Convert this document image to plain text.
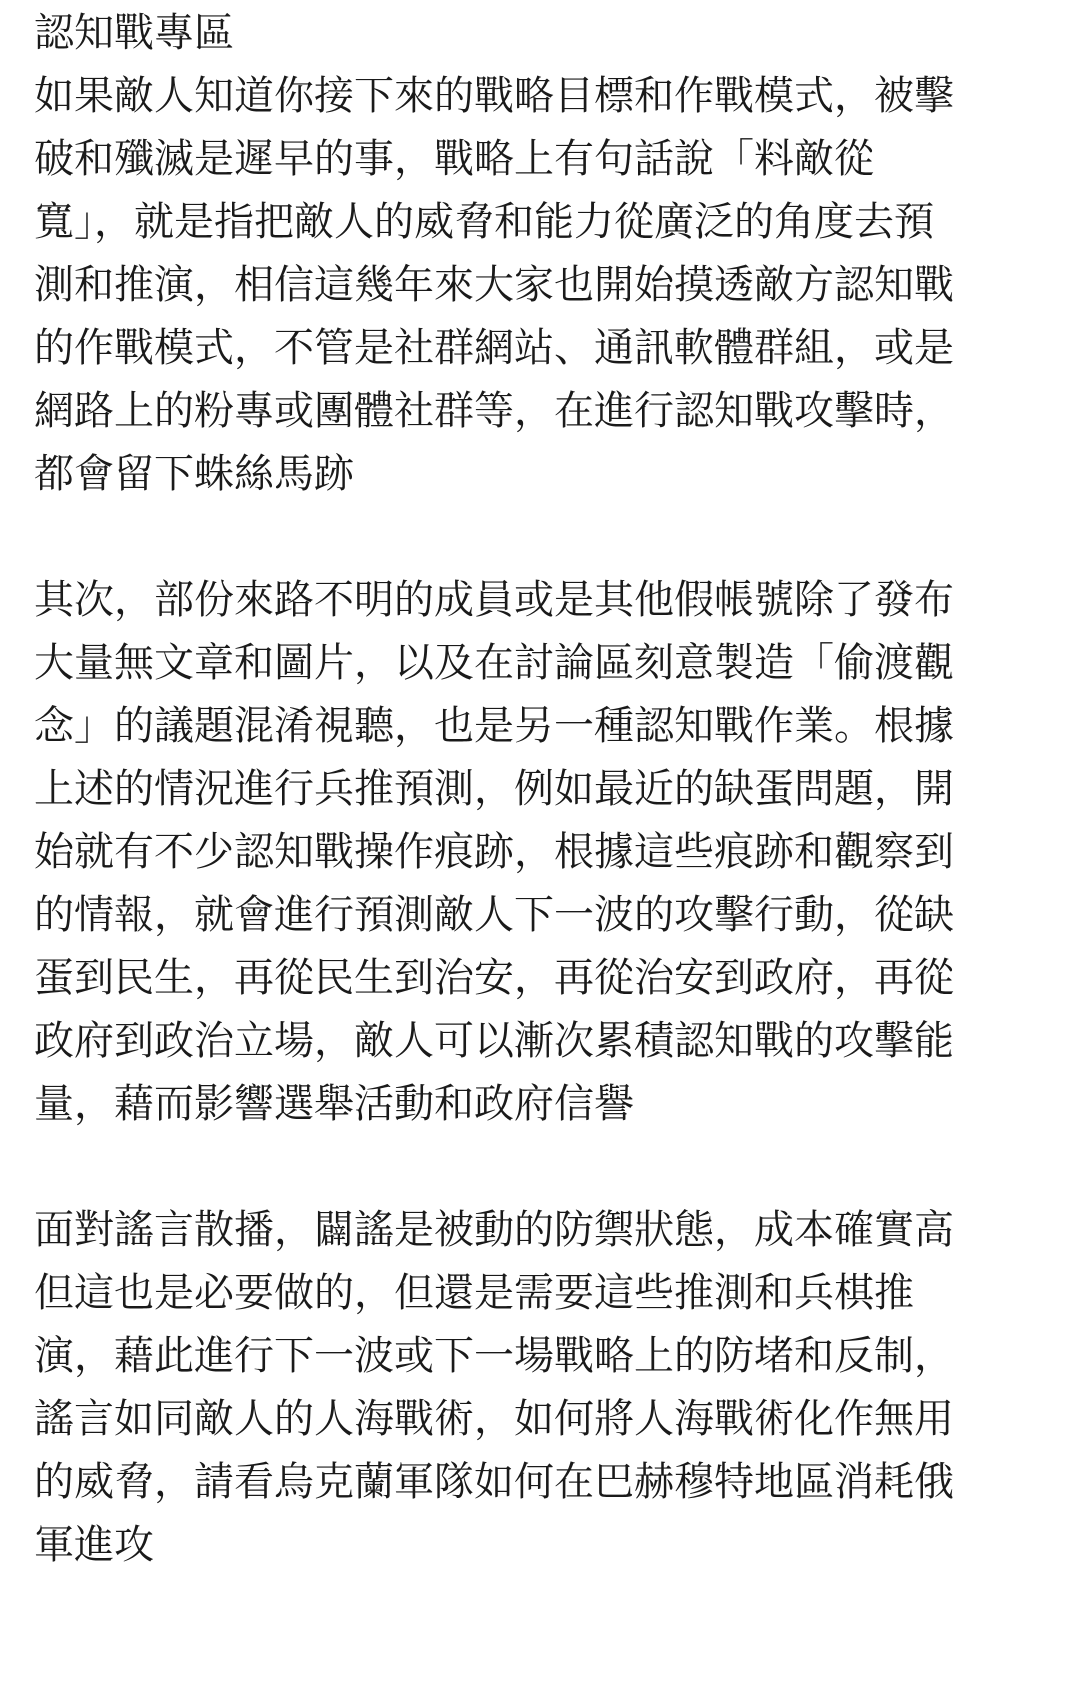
認知戰專區
如果敵人知道你接下來的戰略目標和作戰模式，被擊
破和殲滅是遲早的事，戰略上有句話說「料敵從
寬」，就是指把敵人的威脅和能力從廣泛的角度去預
測和推演，相信這幾年來大家也開始摸透敵方認知戰
的作戰模式，不管是社群網站、通訊軟體群組，或是
網路上的粉專或團體社群等，在進行認知戰攻擊時，
都會留下蛛絲馬跡
其次，部份來路不明的成員或是其他假帳號除了發布
大量無文章和圖片，以及在討論區刻意製造「偷渡觀
念」的議題混淆視聽，也是另一種認知戰作業。根據
上述的情況進行兵推預測，例如最近的缺蛋問題，開
始就有不少認知戰操作痕跡，根據這些痕跡和觀察到
的情報，就會進行預測敵人下一波的攻擊行動，從缺
蛋到民生，再從民生到治安，再從治安到政府，再從
政府到政治立場，敵人可以漸次累積認知戰的攻擊能
量，藉而影響選舉活動和政府信譽
面對謠言散播，闢謠是被動的防禦狀態，成本確實高
但這也是必要做的，但還是需要這些推測和兵棋推
演，藉此進行下一波或下一場戰略上的防堵和反制，
謠言如同敵人的人海戰術，如何將人海戰術化作無用
的威脅，請看烏克蘭軍隊如何在巴赫穆特地區消耗俄
軍進攻
